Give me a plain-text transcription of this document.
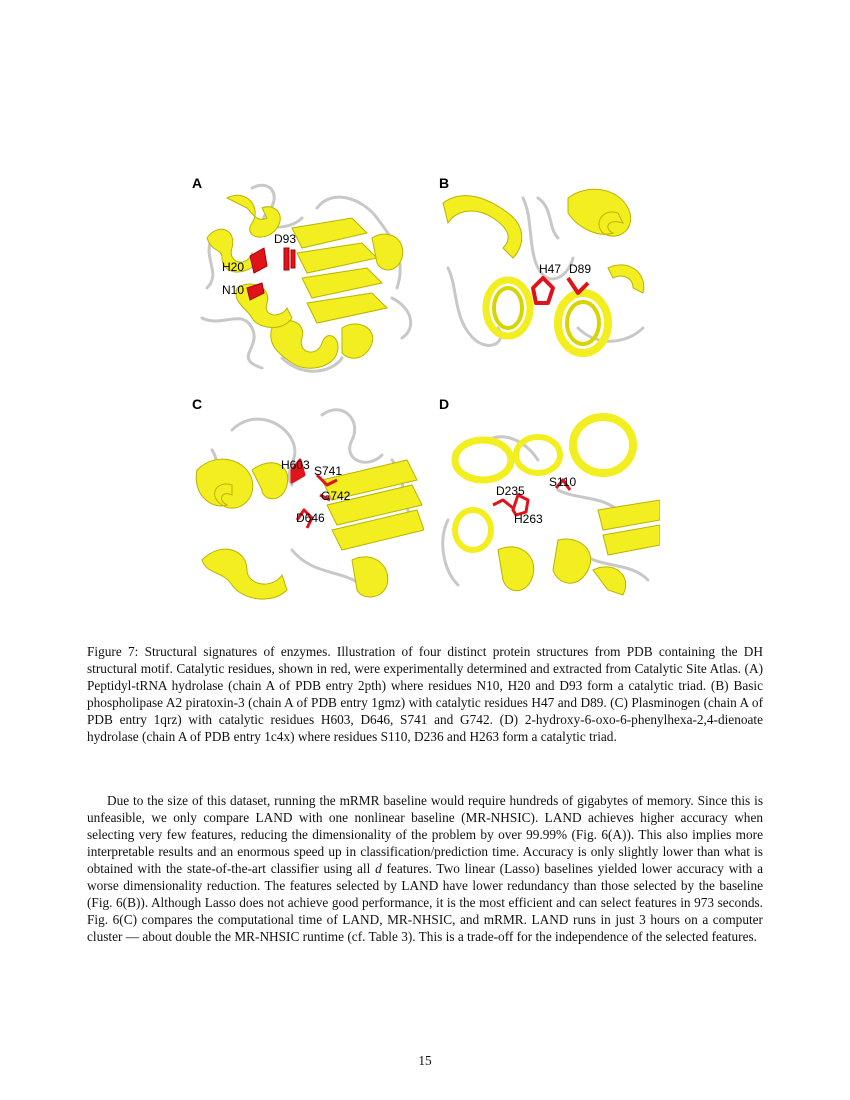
A
D93
H20
N10
B
H47 D89
C
H603 S741
G742
D646
D
D235
S110
H263
Figure 7: Structural signatures of enzymes. Illustration of four distinct protein structures from PDB containing the DH structural motif. Catalytic residues, shown in red, were experimentally determined and extracted from Catalytic Site Atlas. (A) Peptidyl-tRNA hydrolase (chain A of PDB entry 2pth) where residues N10, H20 and D93 form a catalytic triad. (B) Basic phospholipase A2 piratoxin-3 (chain A of PDB entry 1gmz) with catalytic residues H47 and D89. (C) Plasminogen (chain A of PDB entry 1qrz) with catalytic residues H603, D646, S741 and G742. (D) 2-hydroxy-6-oxo-6-phenylhexa-2,4-dienoate hydrolase (chain A of PDB entry 1c4x) where residues S110, D236 and H263 form a catalytic triad.

Due to the size of this dataset, running the mRMR baseline would require hundreds of gigabytes of memory. Since this is unfeasible, we only compare LAND with one nonlinear baseline (MR-NHSIC). LAND achieves higher accuracy when selecting very few features, reducing the dimensionality of the problem by over 99.99% (Fig. 6(A)). This also implies more interpretable results and an enormous speed up in classification/prediction time. Accuracy is only slightly lower than what is obtained with the state-of-the-art classifier using all d features. Two linear (Lasso) baselines yielded lower accuracy with a worse dimensionality reduction. The features selected by LAND have lower redundancy than those selected by the baseline (Fig. 6(B)). Although Lasso does not achieve good performance, it is the most efficient and can select features in 973 seconds. Fig. 6(C) compares the computational time of LAND, MR-NHSIC, and mRMR. LAND runs in just 3 hours on a computer cluster — about double the MR-NHSIC runtime (cf. Table 3). This is a trade-off for the independence of the selected features.

15
